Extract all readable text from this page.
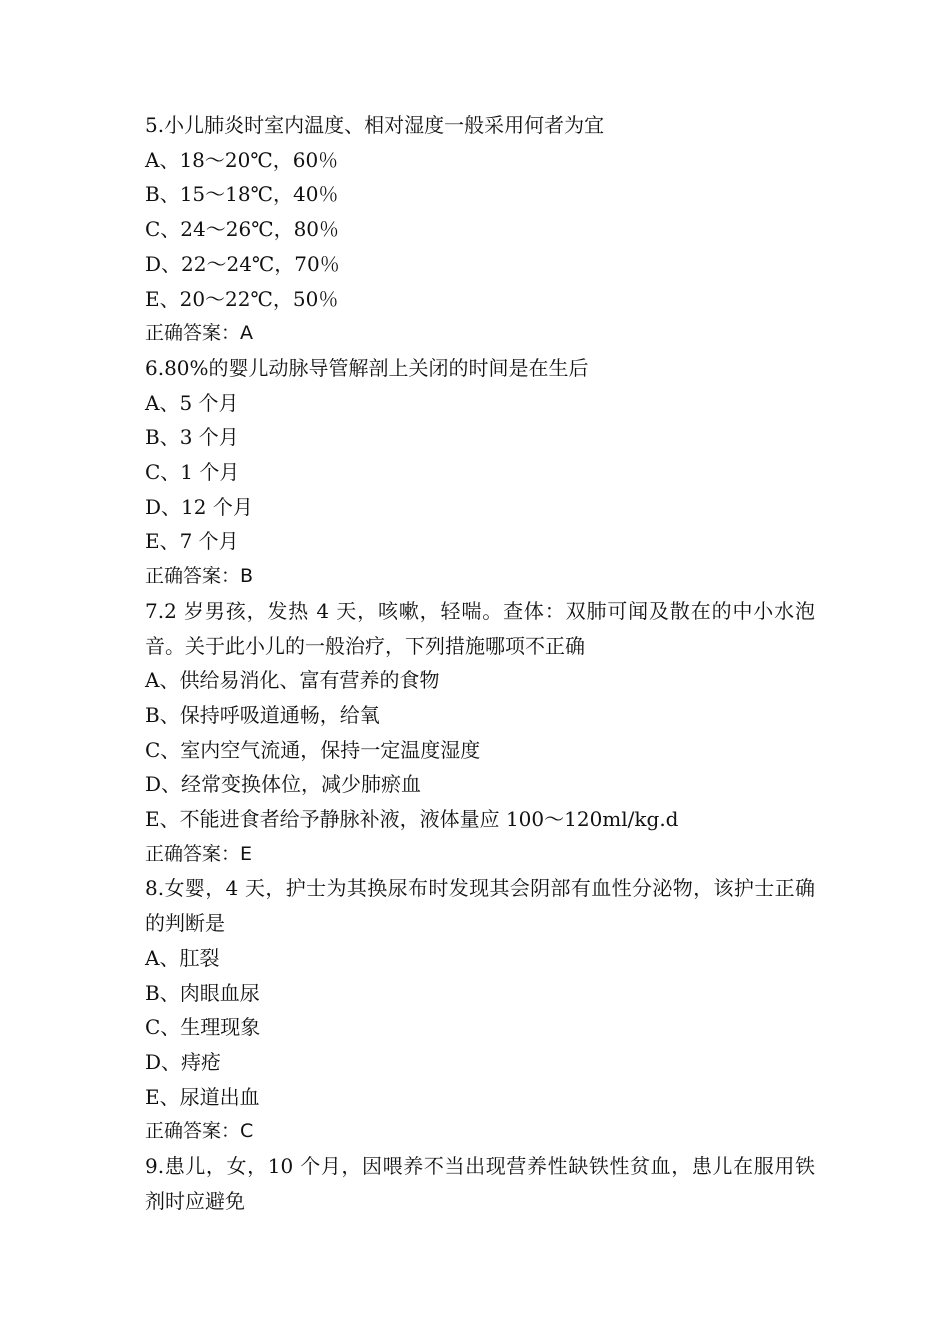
5.小儿肺炎时室内温度、相对湿度一般采用何者为宜
A、18～20℃，60％
B、15～18℃，40％
C、24～26℃，80％
D、22～24℃，70％
E、20～22℃，50％
正确答案：A
6.80%的婴儿动脉导管解剖上关闭的时间是在生后
A、5 个月
B、3 个月
C、1 个月
D、12 个月
E、7 个月
正确答案：B
7.2 岁男孩，发热 4 天，咳嗽，轻喘。查体：双肺可闻及散在的中小水泡音。关于此小儿的一般治疗，下列措施哪项不正确
A、供给易消化、富有营养的食物
B、保持呼吸道通畅，给氧
C、室内空气流通，保持一定温度湿度
D、经常变换体位，减少肺瘀血
E、不能进食者给予静脉补液，液体量应 100～120ml/kg.d
正确答案：E
8.女婴，4 天，护士为其换尿布时发现其会阴部有血性分泌物，该护士正确的判断是
A、肛裂
B、肉眼血尿
C、生理现象
D、痔疮
E、尿道出血
正确答案：C
9.患儿，女，10 个月，因喂养不当出现营养性缺铁性贫血，患儿在服用铁剂时应避免
